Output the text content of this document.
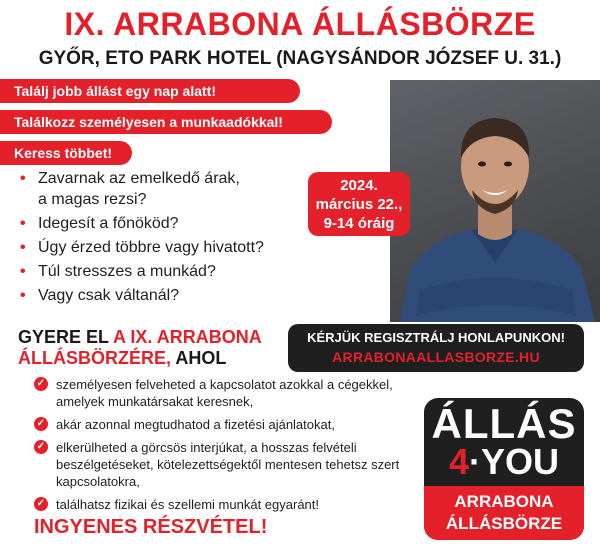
IX. ARRABONA ÁLLÁSBÖRZE
GYŐR, ETO PARK HOTEL (NAGYSÁNDOR JÓZSEF U. 31.)
Találj jobb állást egy nap alatt!
Találkozz személyesen a munkaadókkal!
Keress többet!
2024.
március 22.,
9-14 óráig
• Zavarnak az emelkedő árak,
a magas rezsi?
• Idegesít a főnököd?
• Úgy érzed többre vagy hivatott?
• Túl stresszes a munkád?
• Vagy csak váltanál?
GYERE EL A IX. ARRABONA ÁLLÁSBÖRZÉRE, AHOL
KÉRJÜK REGISZTRÁLJ HONLAPUNKON!
ARRABONAALLASBORZE.HU
✓ személyesen felveheted a kapcsolatot azokkal a cégekkel, amelyek munkatársakat keresnek,
✓ akár azonnal megtudhatod a fizetési ajánlatokat,
✓ elkerülheted a görcsös interjúkat, a hosszas felvételi beszélgetéseket, kötelezettségektől mentesen tehetsz szert kapcsolatokra,
✓ találhatsz fizikai és szellemi munkát egyaránt!
INGYENES RÉSZVÉTEL!
ÁLLÁS
4·YOU
ARRABONA
ÁLLÁSBÖRZE
